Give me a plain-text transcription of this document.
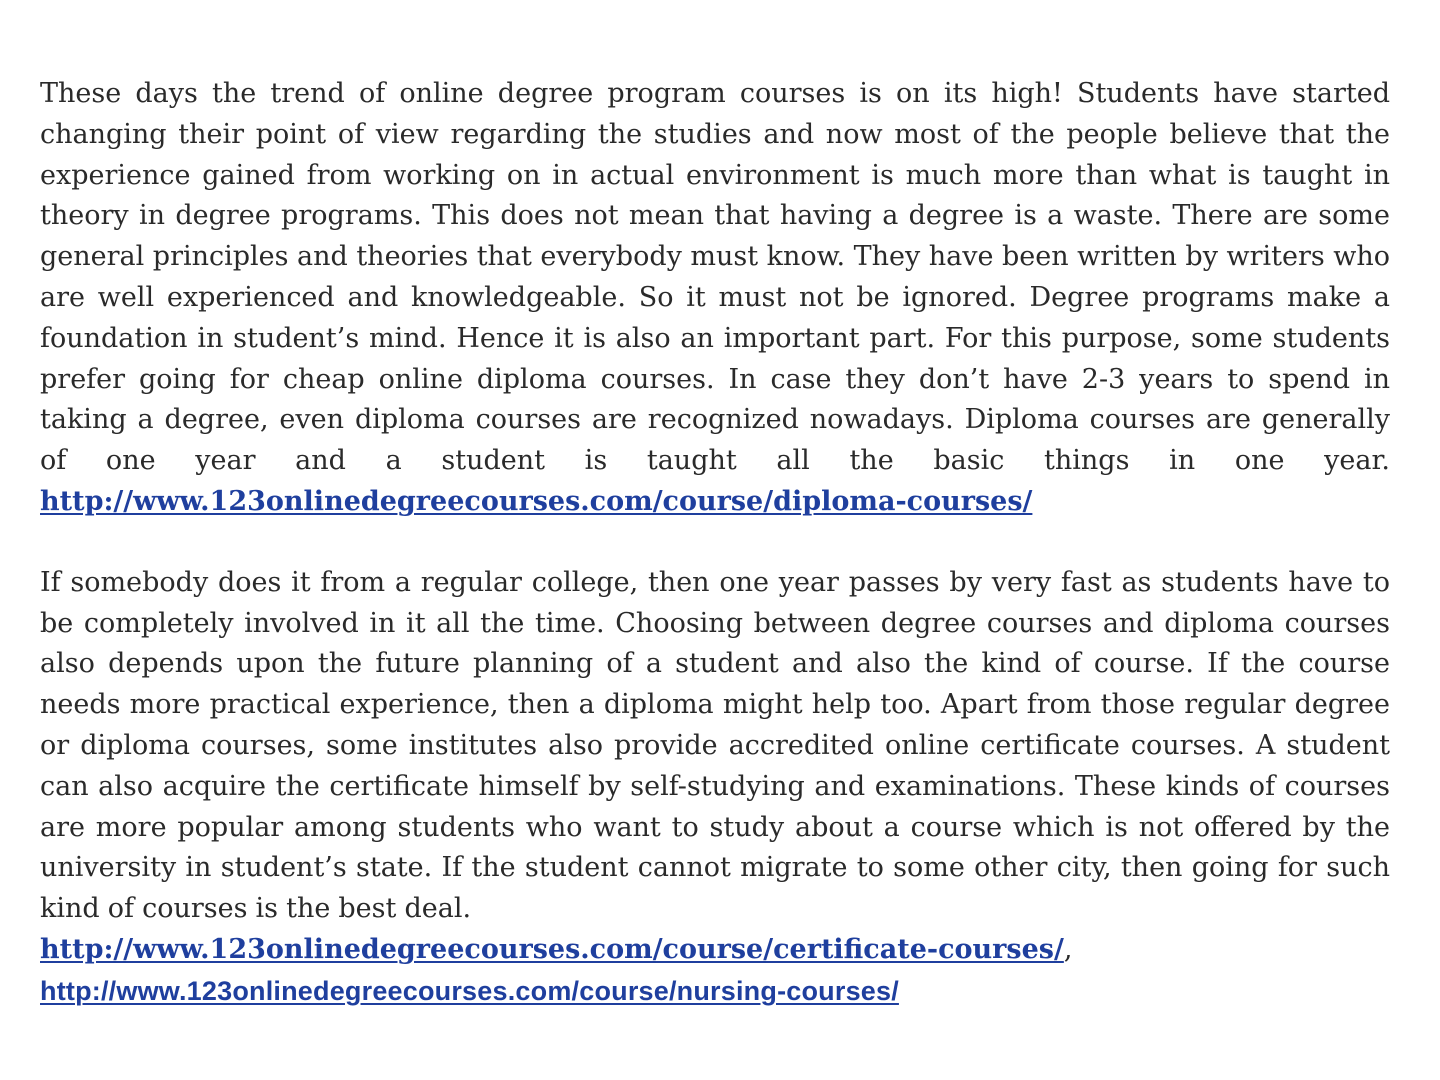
These days the trend of online degree program courses is on its high! Students have started changing their point of view regarding the studies and now most of the people believe that the experience gained from working on in actual environment is much more than what is taught in theory in degree programs. This does not mean that having a degree is a waste. There are some general principles and theories that everybody must know. They have been written by writers who are well experienced and knowledgeable. So it must not be ignored. Degree programs make a foundation in student’s mind. Hence it is also an important part. For this purpose, some students prefer going for cheap online diploma courses. In case they don’t have 2-3 years to spend in taking a degree, even diploma courses are recognized nowadays. Diploma courses are generally of one year and a student is taught all the basic things in one year. http://www.123onlinedegreecourses.com/course/diploma-courses/

If somebody does it from a regular college, then one year passes by very fast as students have to be completely involved in it all the time. Choosing between degree courses and diploma courses also depends upon the future planning of a student and also the kind of course. If the course needs more practical experience, then a diploma might help too. Apart from those regular degree or diploma courses, some institutes also provide accredited online certificate courses. A student can also acquire the certificate himself by self-studying and examinations. These kinds of courses are more popular among students who want to study about a course which is not offered by the university in student’s state. If the student cannot migrate to some other city, then going for such kind of courses is the best deal.
http://www.123onlinedegreecourses.com/course/certificate-courses/,
http://www.123onlinedegreecourses.com/course/nursing-courses/
